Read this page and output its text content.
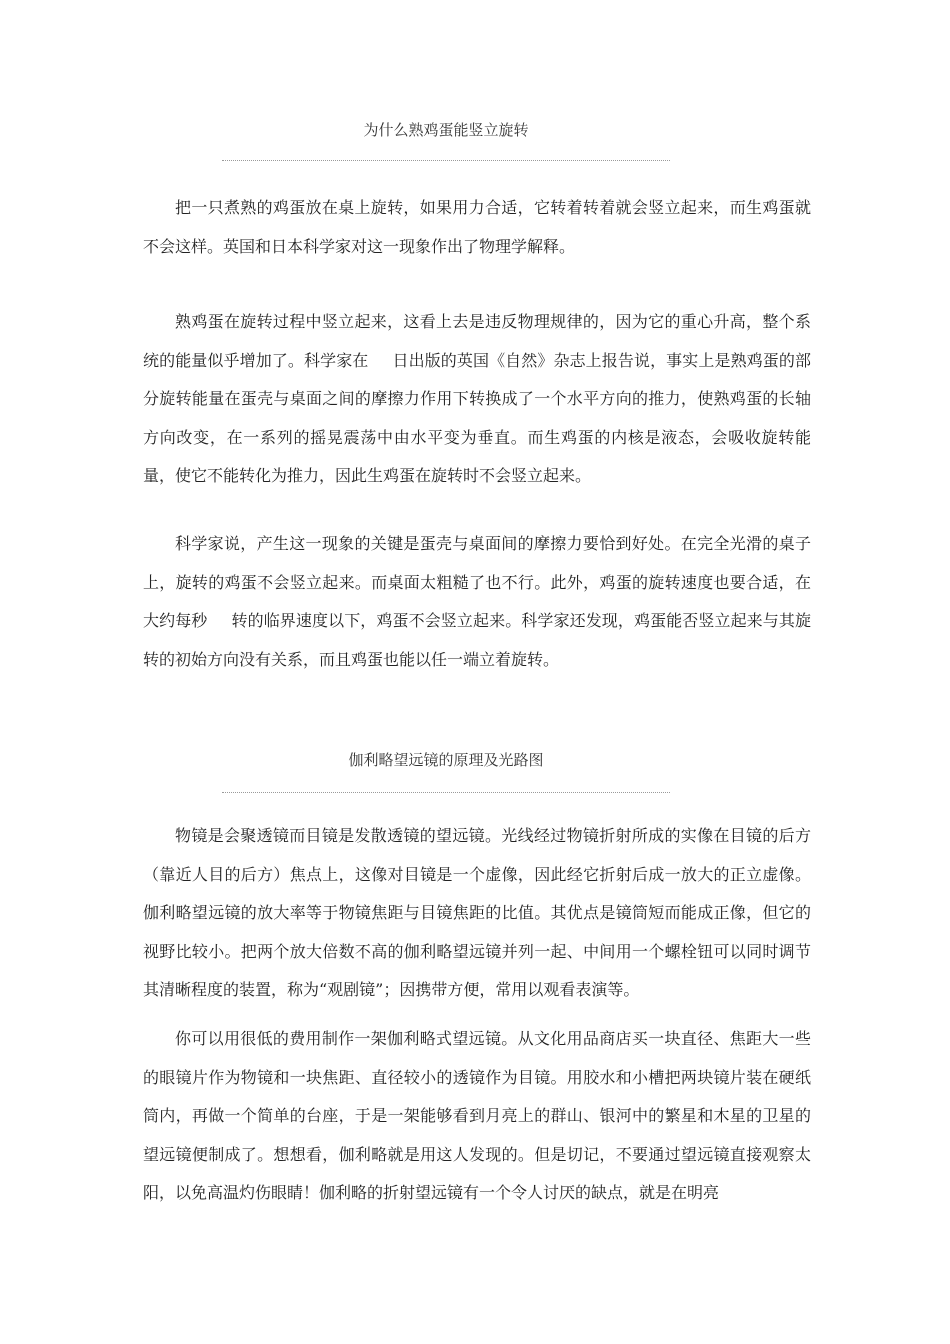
为什么熟鸡蛋能竖立旋转

把一只煮熟的鸡蛋放在桌上旋转，如果用力合适，它转着转着就会竖立起来，而生鸡蛋就不会这样。英国和日本科学家对这一现象作出了物理学解释。

熟鸡蛋在旋转过程中竖立起来，这看上去是违反物理规律的，因为它的重心升高，整个系统的能量似乎增加了。科学家在 日出版的英国《自然》杂志上报告说，事实上是熟鸡蛋的部分旋转能量在蛋壳与桌面之间的摩擦力作用下转换成了一个水平方向的推力，使熟鸡蛋的长轴方向改变，在一系列的摇晃震荡中由水平变为垂直。而生鸡蛋的内核是液态，会吸收旋转能量，使它不能转化为推力，因此生鸡蛋在旋转时不会竖立起来。

科学家说，产生这一现象的关键是蛋壳与桌面间的摩擦力要恰到好处。在完全光滑的桌子上，旋转的鸡蛋不会竖立起来。而桌面太粗糙了也不行。此外，鸡蛋的旋转速度也要合适，在大约每秒 转的临界速度以下，鸡蛋不会竖立起来。科学家还发现，鸡蛋能否竖立起来与其旋转的初始方向没有关系，而且鸡蛋也能以任一端立着旋转。

伽利略望远镜的原理及光路图

物镜是会聚透镜而目镜是发散透镜的望远镜。光线经过物镜折射所成的实像在目镜的后方（靠近人目的后方）焦点上，这像对目镜是一个虚像，因此经它折射后成一放大的正立虚像。伽利略望远镜的放大率等于物镜焦距与目镜焦距的比值。其优点是镜筒短而能成正像，但它的视野比较小。把两个放大倍数不高的伽利略望远镜并列一起、中间用一个螺栓钮可以同时调节其清晰程度的装置，称为“观剧镜”；因携带方便，常用以观看表演等。

你可以用很低的费用制作一架伽利略式望远镜。从文化用品商店买一块直径、焦距大一些的眼镜片作为物镜和一块焦距、直径较小的透镜作为目镜。用胶水和小槽把两块镜片装在硬纸筒内，再做一个简单的台座，于是一架能够看到月亮上的群山、银河中的繁星和木星的卫星的望远镜便制成了。想想看，伽利略就是用这人发现的。但是切记，不要通过望远镜直接观察太阳，以免高温灼伤眼睛！伽利略的折射望远镜有一个令人讨厌的缺点，就是在明亮
